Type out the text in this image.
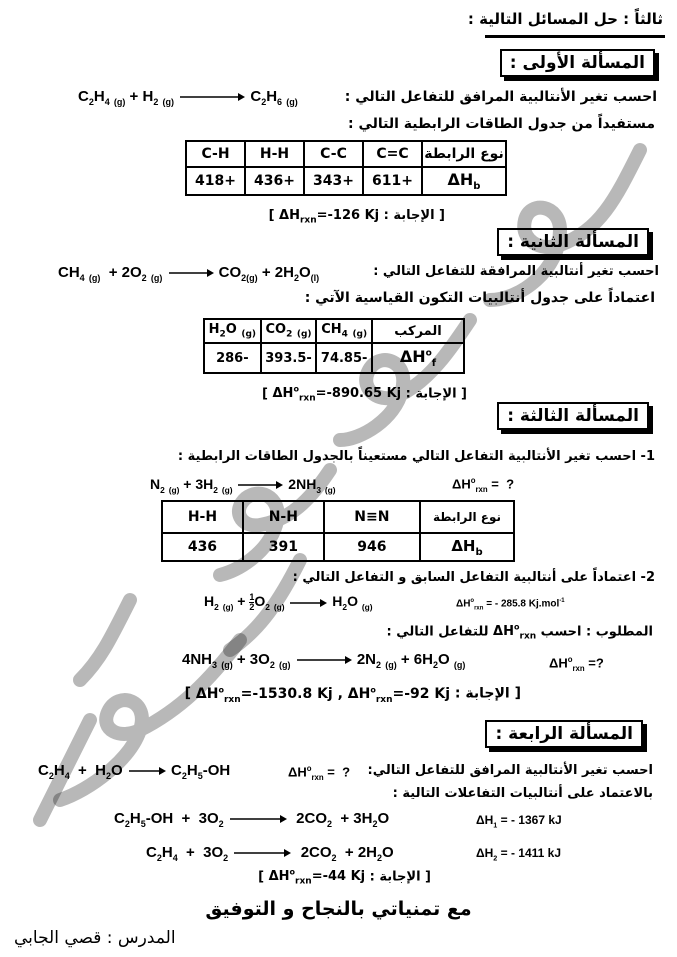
ثالثاً : حل المسائل التالية :
المسألة الأولى :
$C_2H_4$ $_{(g)} + H_2$ $_{(g)}$	$C_2H_6$ $_{(g)}$	احسب تغير الأنتالبية المرافق للتفاعل التالي :
مستفيداً من جدول الطاقات الرابطية التالي :
نوع الرابطة	C=C	C-C	H-H	C-H
$\Delta H_b$	+611	+343	+436	+418
[ الإجابة : $\Delta H_{rxn}=-126$ Kj ]
المسألة الثانية :
$CH_4$ $_{(g)} + 2O_2$ $_{(g)} \to CO_{2(g)} + 2H_2O_{(l)}$	احسب تغير أنتالبية المرافقة للتفاعل التالي :
اعتماداً على جدول أنتالبيات التكون القياسية الآتي :
المركب	$CH_4$ $_{(g)}$	$CO_2$ $_{(g)}$	$H_2O$ $_{(g)}$
$\Delta H^o_f$	-74.85	-393.5	-286
[ الإجابة : $\Delta H^o_{rxn}=-890.65$ Kj ]
المسألة الثالثة :
1- احسب تغير الأنتالبية التفاعل التالي مستعيناً بالجدول الطاقات الرابطية :
$N_2$ $_{(g)} + 3H_2$ $_{(g)} \to 2NH_3$ $_{(g)}$	$\Delta H^o_{rxn}$ =  ?
نوع الرابطة	N≡N	N-H	H-H
$\Delta H_b$	946	391	436
2- اعتماداً على أنتالبية التفاعل السابق و التفاعل التالي :
$H_2$ $_{(g)} + \frac{1}{2} O_2$ $_{(g)} \to H_2O$ $_{(g)}$	$\Delta H^o_{rxn}$ = - 285.8 Kj.mol$^{-1}$
المطلوب : احسب $\Delta H^o_{rxn}$ للتفاعل التالي :
$4NH_3$ $_{(g)} + 3O_2$ $_{(g)} \to 2N_2$ $_{(g)} + 6H_2O$ $_{(g)}$	$\Delta H^o_{rxn}$ =?
[ الإجابة : $\Delta H^o_{rxn}=-1530.8$ Kj , $\Delta H^o_{rxn}=-92$ Kj ]
المسألة الرابعة :
$C_2H_4 + H_2O \to C_2H_5-OH$	$\Delta H^o_{rxn}$ =  ? احسب تغير الأنتالبية المرافق للتفاعل التالي:
بالاعتماد على أنتالبيات التفاعلات التالية :
$C_2H_5-OH + 3O_2 \to 2CO_2 + 3H_2O$	$\Delta H_1$ = - 1367 kJ
$C_2H_4 + 3O_2 \to 2CO_2 + 2H_2O$	$\Delta H_2$ = - 1411 kJ
[ الإجابة : $\Delta H^o_{rxn}=-44$ Kj ]
مع تمنياتي بالنجاح و التوفيق
المدرس : قصي الجابي
